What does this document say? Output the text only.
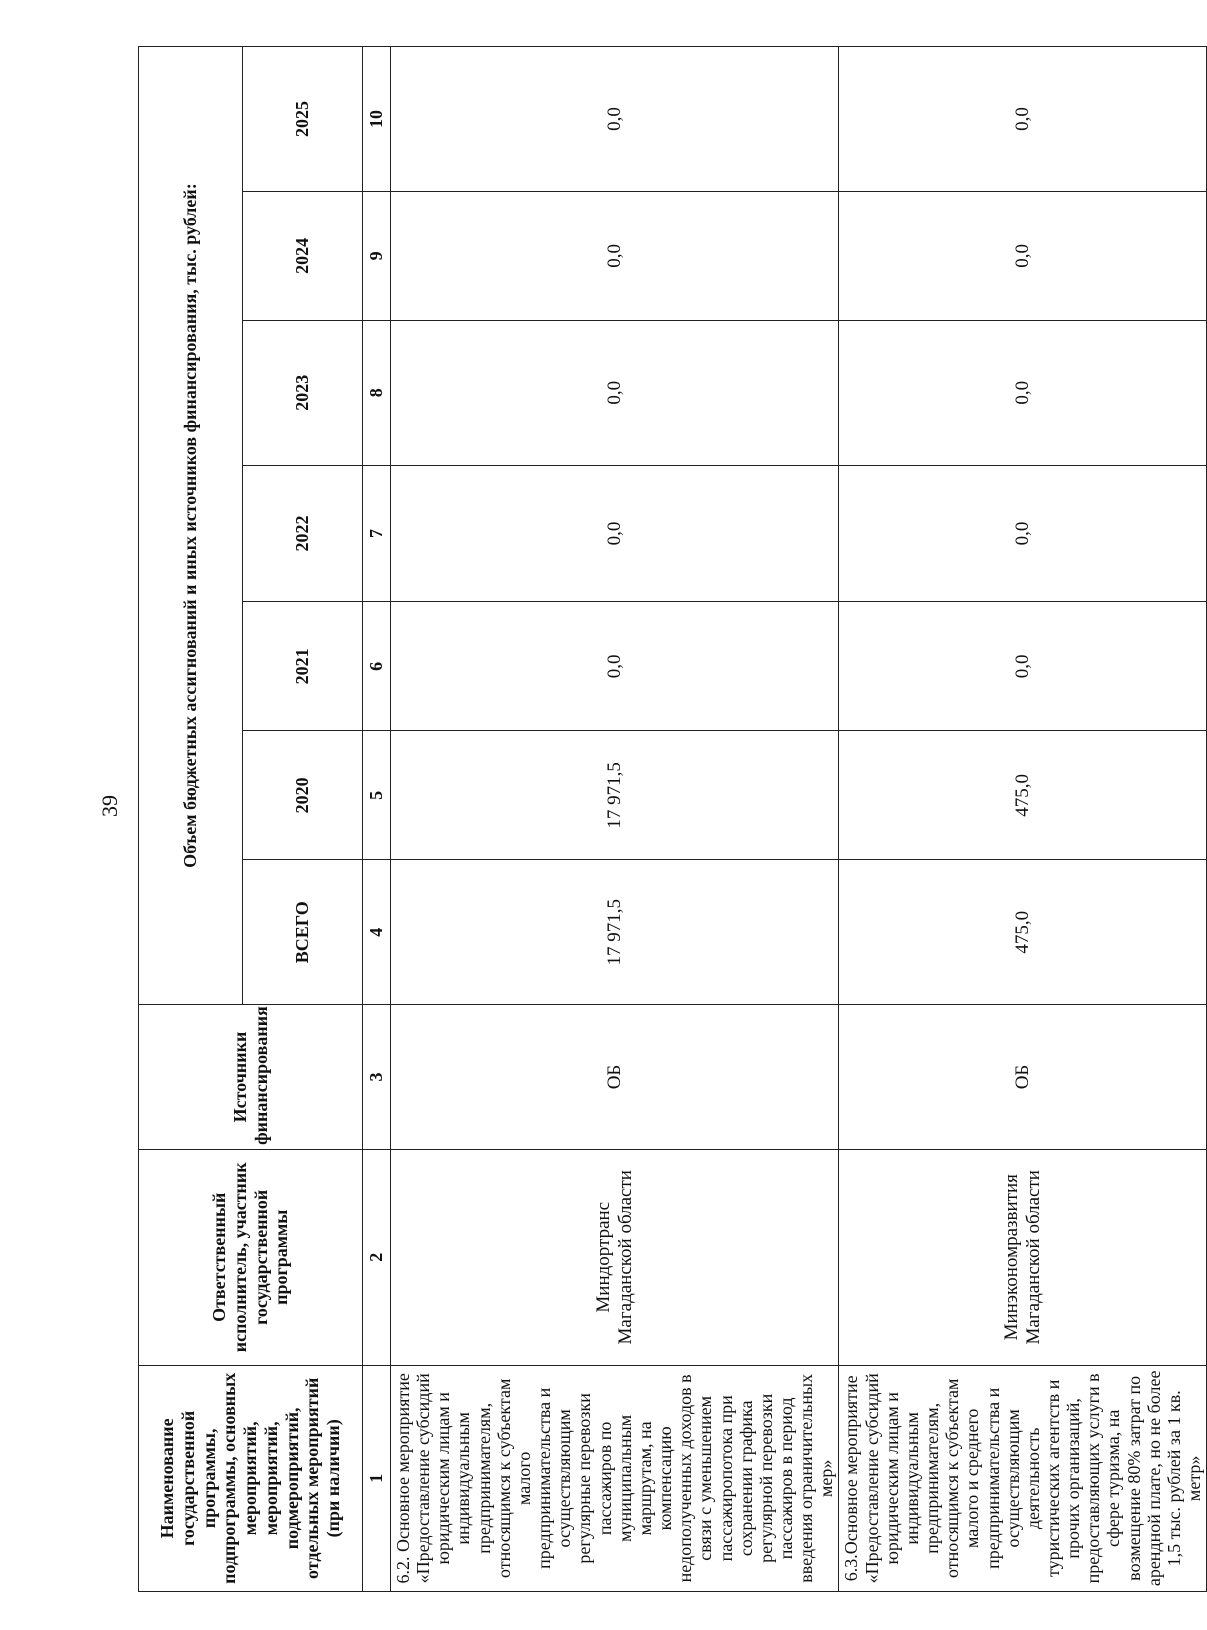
39
Наименование государственной программы, подпрограммы, основных мероприятий, мероприятий, подмероприятий, отдельных мероприятий (при наличии)	Ответственный исполнитель, участник государственной программы	Источники финансирования	Объем бюджетных ассигнований и иных источников финансирования, тыс. рублей:						
			ВСЕГО	2020	2021	2022	2023	2024	2025
1	2	3	4	5	6	7	8	9	10
6.2. Основное мероприятие «Предоставление субсидий юридическим лицам и индивидуальным предпринимателям, относящимся к субъектам малого предпринимательства и осуществляющим регулярные перевозки пассажиров по муниципальным маршрутам, на компенсацию недополученных доходов в связи с уменьшением пассажиропотока при сохранении графика регулярной перевозки пассажиров в период введения ограничительных мер»	Миндортранс Магаданской области	ОБ	17 971,5	17 971,5	0,0	0,0	0,0	0,0	0,0
6.3.Основное мероприятие «Предоставление субсидий юридическим лицам и индивидуальным предпринимателям, относящимся к субъектам малого и среднего предпринимательства и осуществляющим деятельность туристических агентств и прочих организаций, предоставляющих услуги в сфере туризма, на возмещение 80% затрат по арендной плате, но не более 1,5 тыс. рублей за 1 кв. метр»	Минэкономразвития Магаданской области	ОБ	475,0	475,0	0,0	0,0	0,0	0,0	0,0
